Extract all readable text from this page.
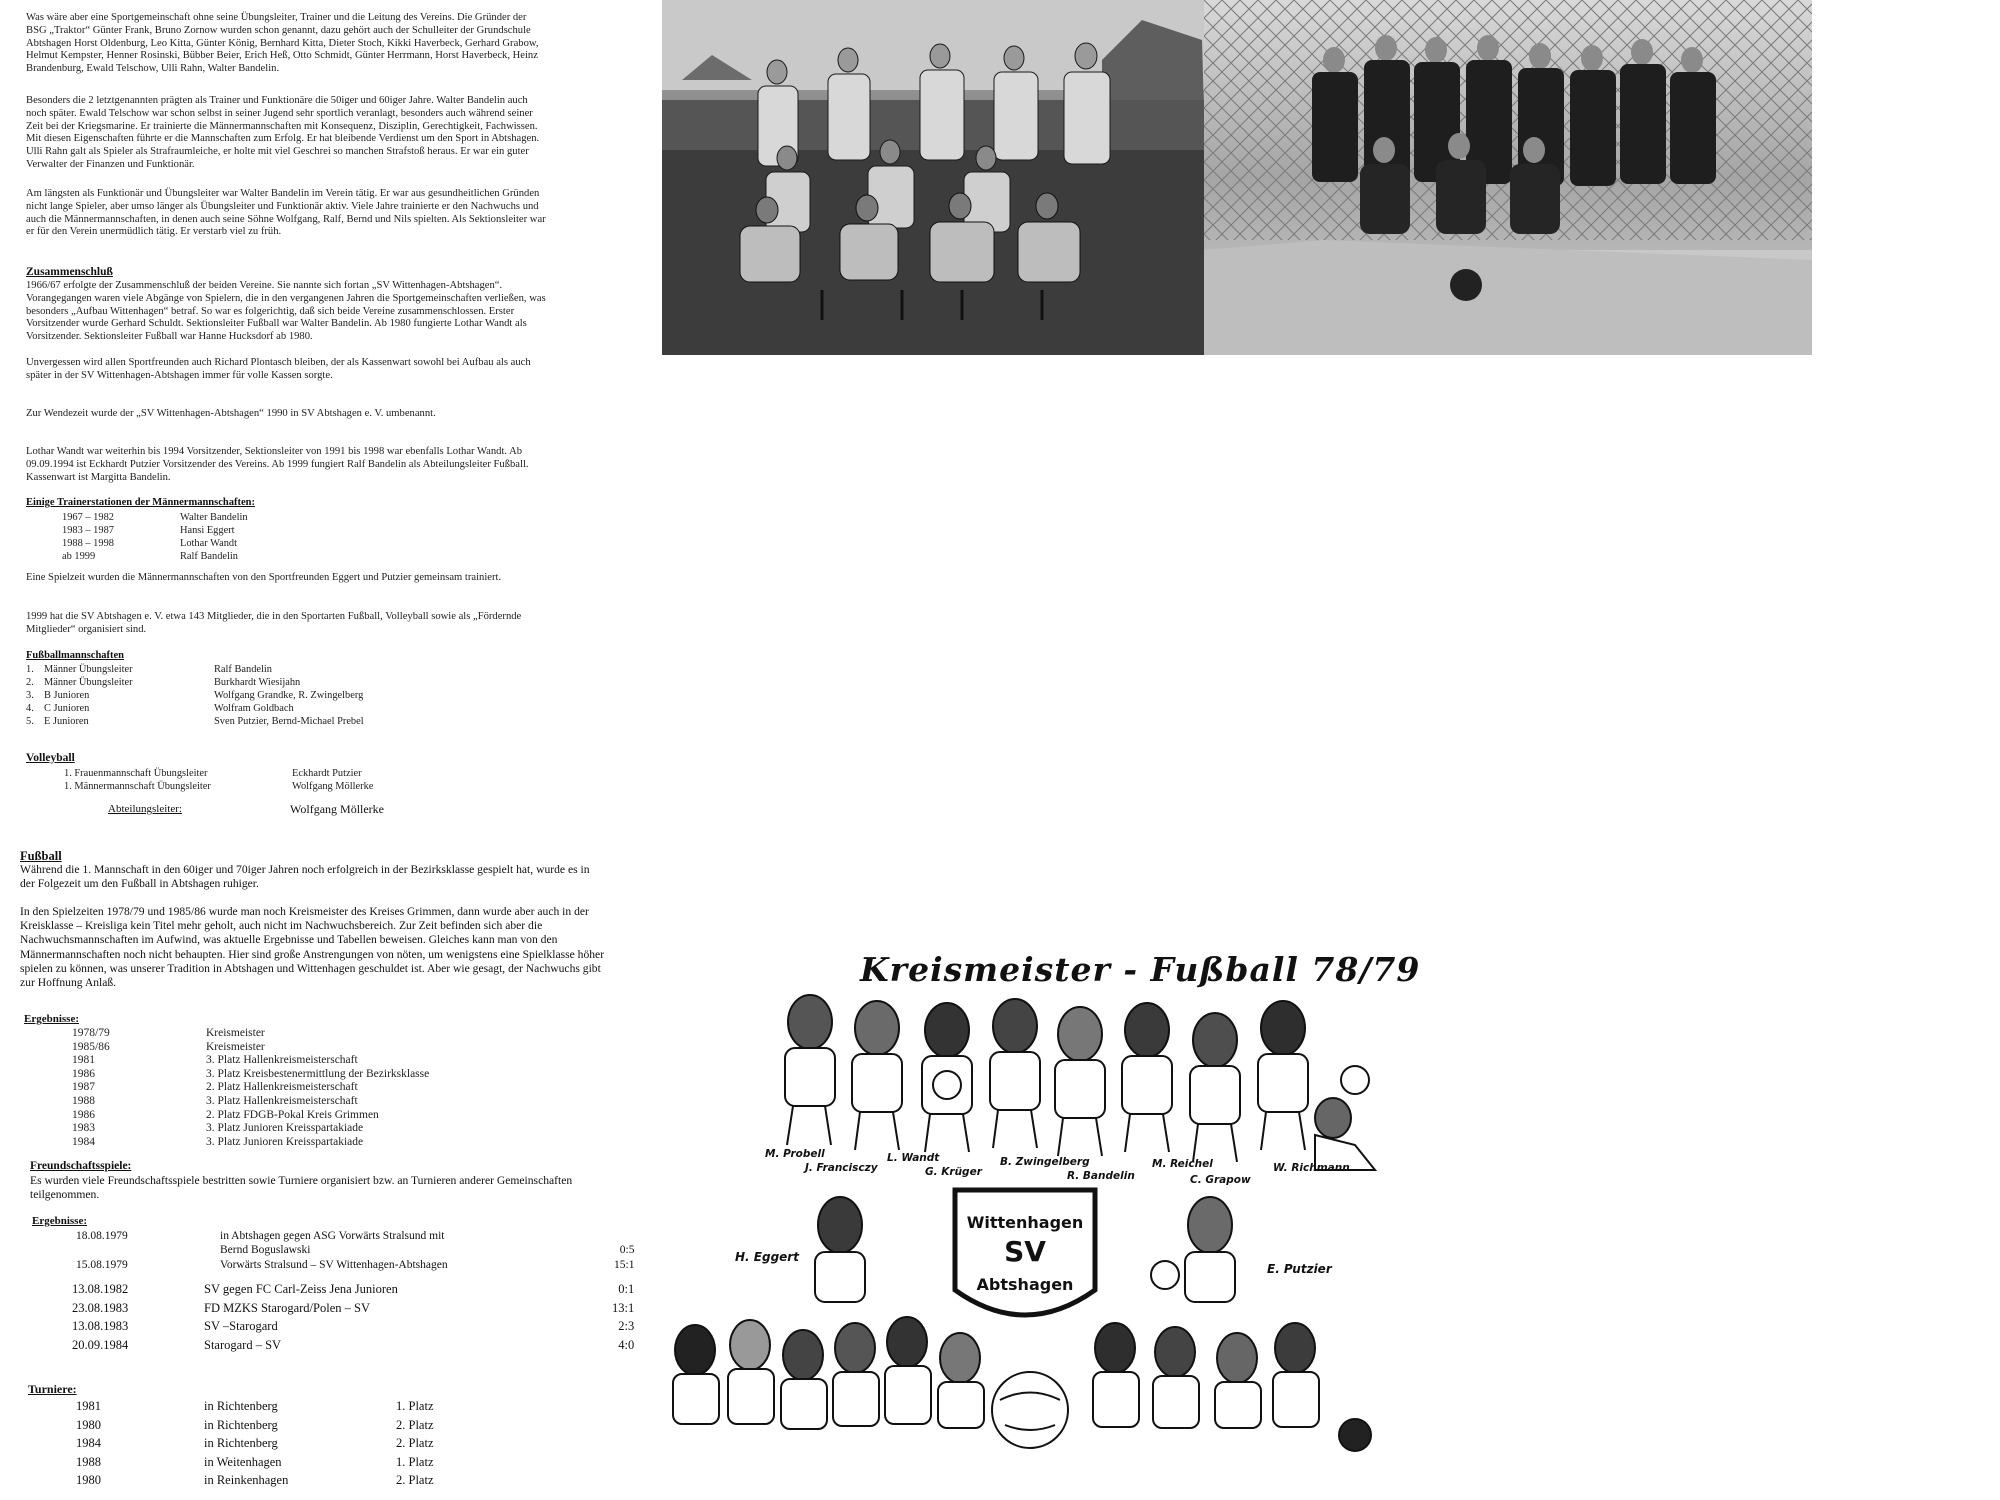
Was wäre aber eine Sportgemeinschaft ohne seine Übungsleiter, Trainer und die Leitung des Vereins. Die Gründer der BSG „Traktor“ Günter Frank, Bruno Zornow wurden schon genannt, dazu gehört auch der Schulleiter der Grundschule Abtshagen Horst Oldenburg, Leo Kitta, Günter König, Bernhard Kitta, Dieter Stoch, Kikki Haverbeck, Gerhard Grabow, Helmut Kempster, Henner Rosinski, Bübber Beier, Erich Heß, Otto Schmidt, Günter Herrmann, Horst Haverbeck, Heinz Brandenburg, Ewald Telschow, Ulli Rahn, Walter Bandelin.

Besonders die 2 letztgenannten prägten als Trainer und Funktionäre die 50iger und 60iger Jahre. Walter Bandelin auch noch später. Ewald Telschow war schon selbst in seiner Jugend sehr sportlich veranlagt, besonders auch während seiner Zeit bei der Kriegsmarine. Er trainierte die Männermannschaften mit Konsequenz, Disziplin, Gerechtigkeit, Fachwissen. Mit diesen Eigenschaften führte er die Mannschaften zum Erfolg. Er hat bleibende Verdienst um den Sport in Abtshagen. Ulli Rahn galt als Spieler als Strafraumleiche, er holte mit viel Geschrei so manchen Strafstoß heraus. Er war ein guter Verwalter der Finanzen und Funktionär.

Am längsten als Funktionär und Übungsleiter war Walter Bandelin im Verein tätig. Er war aus gesundheitlichen Gründen nicht lange Spieler, aber umso länger als Übungsleiter und Funktionär aktiv. Viele Jahre trainierte er den Nachwuchs und auch die Männermannschaften, in denen auch seine Söhne Wolfgang, Ralf, Bernd und Nils spielten. Als Sektionsleiter war er für den Verein unermüdlich tätig. Er verstarb viel zu früh.

Zusammenschluß

1966/67 erfolgte der Zusammenschluß der beiden Vereine. Sie nannte sich fortan „SV Wittenhagen-Abtshagen“. Vorangegangen waren viele Abgänge von Spielern, die in den vergangenen Jahren die Sportgemeinschaften verließen, was besonders „Aufbau Wittenhagen“ betraf. So war es folgerichtig, daß sich beide Vereine zusammenschlossen. Erster Vorsitzender wurde Gerhard Schuldt. Sektionsleiter Fußball war Walter Bandelin. Ab 1980 fungierte Lothar Wandt als Vorsitzender. Sektionsleiter Fußball war Hanne Hucksdorf ab 1980.

Unvergessen wird allen Sportfreunden auch Richard Plontasch bleiben, der als Kassenwart sowohl bei Aufbau als auch später in der SV Wittenhagen-Abtshagen immer für volle Kassen sorgte.

Zur Wendezeit wurde der „SV Wittenhagen-Abtshagen“ 1990 in SV Abtshagen e. V. umbenannt.

Lothar Wandt war weiterhin bis 1994 Vorsitzender, Sektionsleiter von 1991 bis 1998 war ebenfalls Lothar Wandt. Ab 09.09.1994 ist Eckhardt Putzier Vorsitzender des Vereins. Ab 1999 fungiert Ralf Bandelin als Abteilungsleiter Fußball. Kassenwart ist Margitta Bandelin.

Einige Trainerstationen der Männermannschaften:

1967 – 1982	Walter Bandelin
1983 – 1987	Hansi Eggert
1988 – 1998	Lothar Wandt
ab 1999	Ralf Bandelin

Eine Spielzeit wurden die Männermannschaften von den Sportfreunden Eggert und Putzier gemeinsam trainiert.

1999 hat die SV Abtshagen e. V. etwa 143 Mitglieder, die in den Sportarten Fußball, Volleyball sowie als „Fördernde Mitglieder“ organisiert sind.

Fußballmannschaften

1.	Männer Übungsleiter	Ralf Bandelin
2.	Männer Übungsleiter	Burkhardt Wiesijahn
3.	B Junioren	Wolfgang Grandke, R. Zwingelberg
4.	C Junioren	Wolfram Goldbach
5.	E Junioren	Sven Putzier, Bernd-Michael Prebel

Volleyball

1. Frauenmannschaft Übungsleiter	Eckhardt Putzier
1. Männermannschaft Übungsleiter	Wolfgang Möllerke
Abteilungsleiter:	Wolfgang Möllerke

Fußball

Während die 1. Mannschaft in den 60iger und 70iger Jahren noch erfolgreich in der Bezirksklasse gespielt hat, wurde es in der Folgezeit um den Fußball in Abtshagen ruhiger.

In den Spielzeiten 1978/79 und 1985/86 wurde man noch Kreismeister des Kreises Grimmen, dann wurde aber auch in der Kreisklasse – Kreisliga kein Titel mehr geholt, auch nicht im Nachwuchsbereich. Zur Zeit befinden sich aber die Nachwuchsmannschaften im Aufwind, was aktuelle Ergebnisse und Tabellen beweisen. Gleiches kann man von den Männermannschaften noch nicht behaupten. Hier sind große Anstrengungen von nöten, um wenigstens eine Spielklasse höher spielen zu können, was unserer Tradition in Abtshagen und Wittenhagen geschuldet ist. Aber wie gesagt, der Nachwuchs gibt zur Hoffnung Anlaß.

Ergebnisse:

1978/79	Kreismeister
1985/86	Kreismeister
1981	3. Platz Hallenkreismeisterschaft
1986	3. Platz Kreisbestenermittlung der Bezirksklasse
1987	2. Platz Hallenkreismeisterschaft
1988	3. Platz Hallenkreismeisterschaft
1986	2. Platz FDGB-Pokal Kreis Grimmen
1983	3. Platz Junioren Kreisspartakiade
1984	3. Platz Junioren Kreisspartakiade

Freundschaftsspiele:

Es wurden viele Freundschaftsspiele bestritten sowie Turniere organisiert bzw. an Turnieren anderer Gemeinschaften teilgenommen.

Ergebnisse:

18.08.1979	in Abtshagen gegen ASG Vorwärts Stralsund mit	
	Bernd Boguslawski	0:5
15.08.1979	Vorwärts Stralsund – SV Wittenhagen-Abtshagen	15:1
13.08.1982	SV gegen FC Carl-Zeiss Jena Junioren	0:1
23.08.1983	FD MZKS Starogard/Polen – SV	13:1
13.08.1983	SV –Starogard	2:3
20.09.1984	Starogard – SV	4:0

Turniere:

1981	in Richtenberg	1. Platz
1980	in Richtenberg	2. Platz
1984	in Richtenberg	2. Platz
1988	in Weitenhagen	1. Platz
1980	in Reinkenhagen	2. Platz
Kreismeister - Fußball 78/79
Wittenhagen
SV
Abtshagen
M. Probell	L. Wandt	B. Zwingelberg	M. Reichel	W. Richmann
J. Francisczy	G. Krüger	R. Bandelin	C. Grapow
H. Eggert
E. Putzier
